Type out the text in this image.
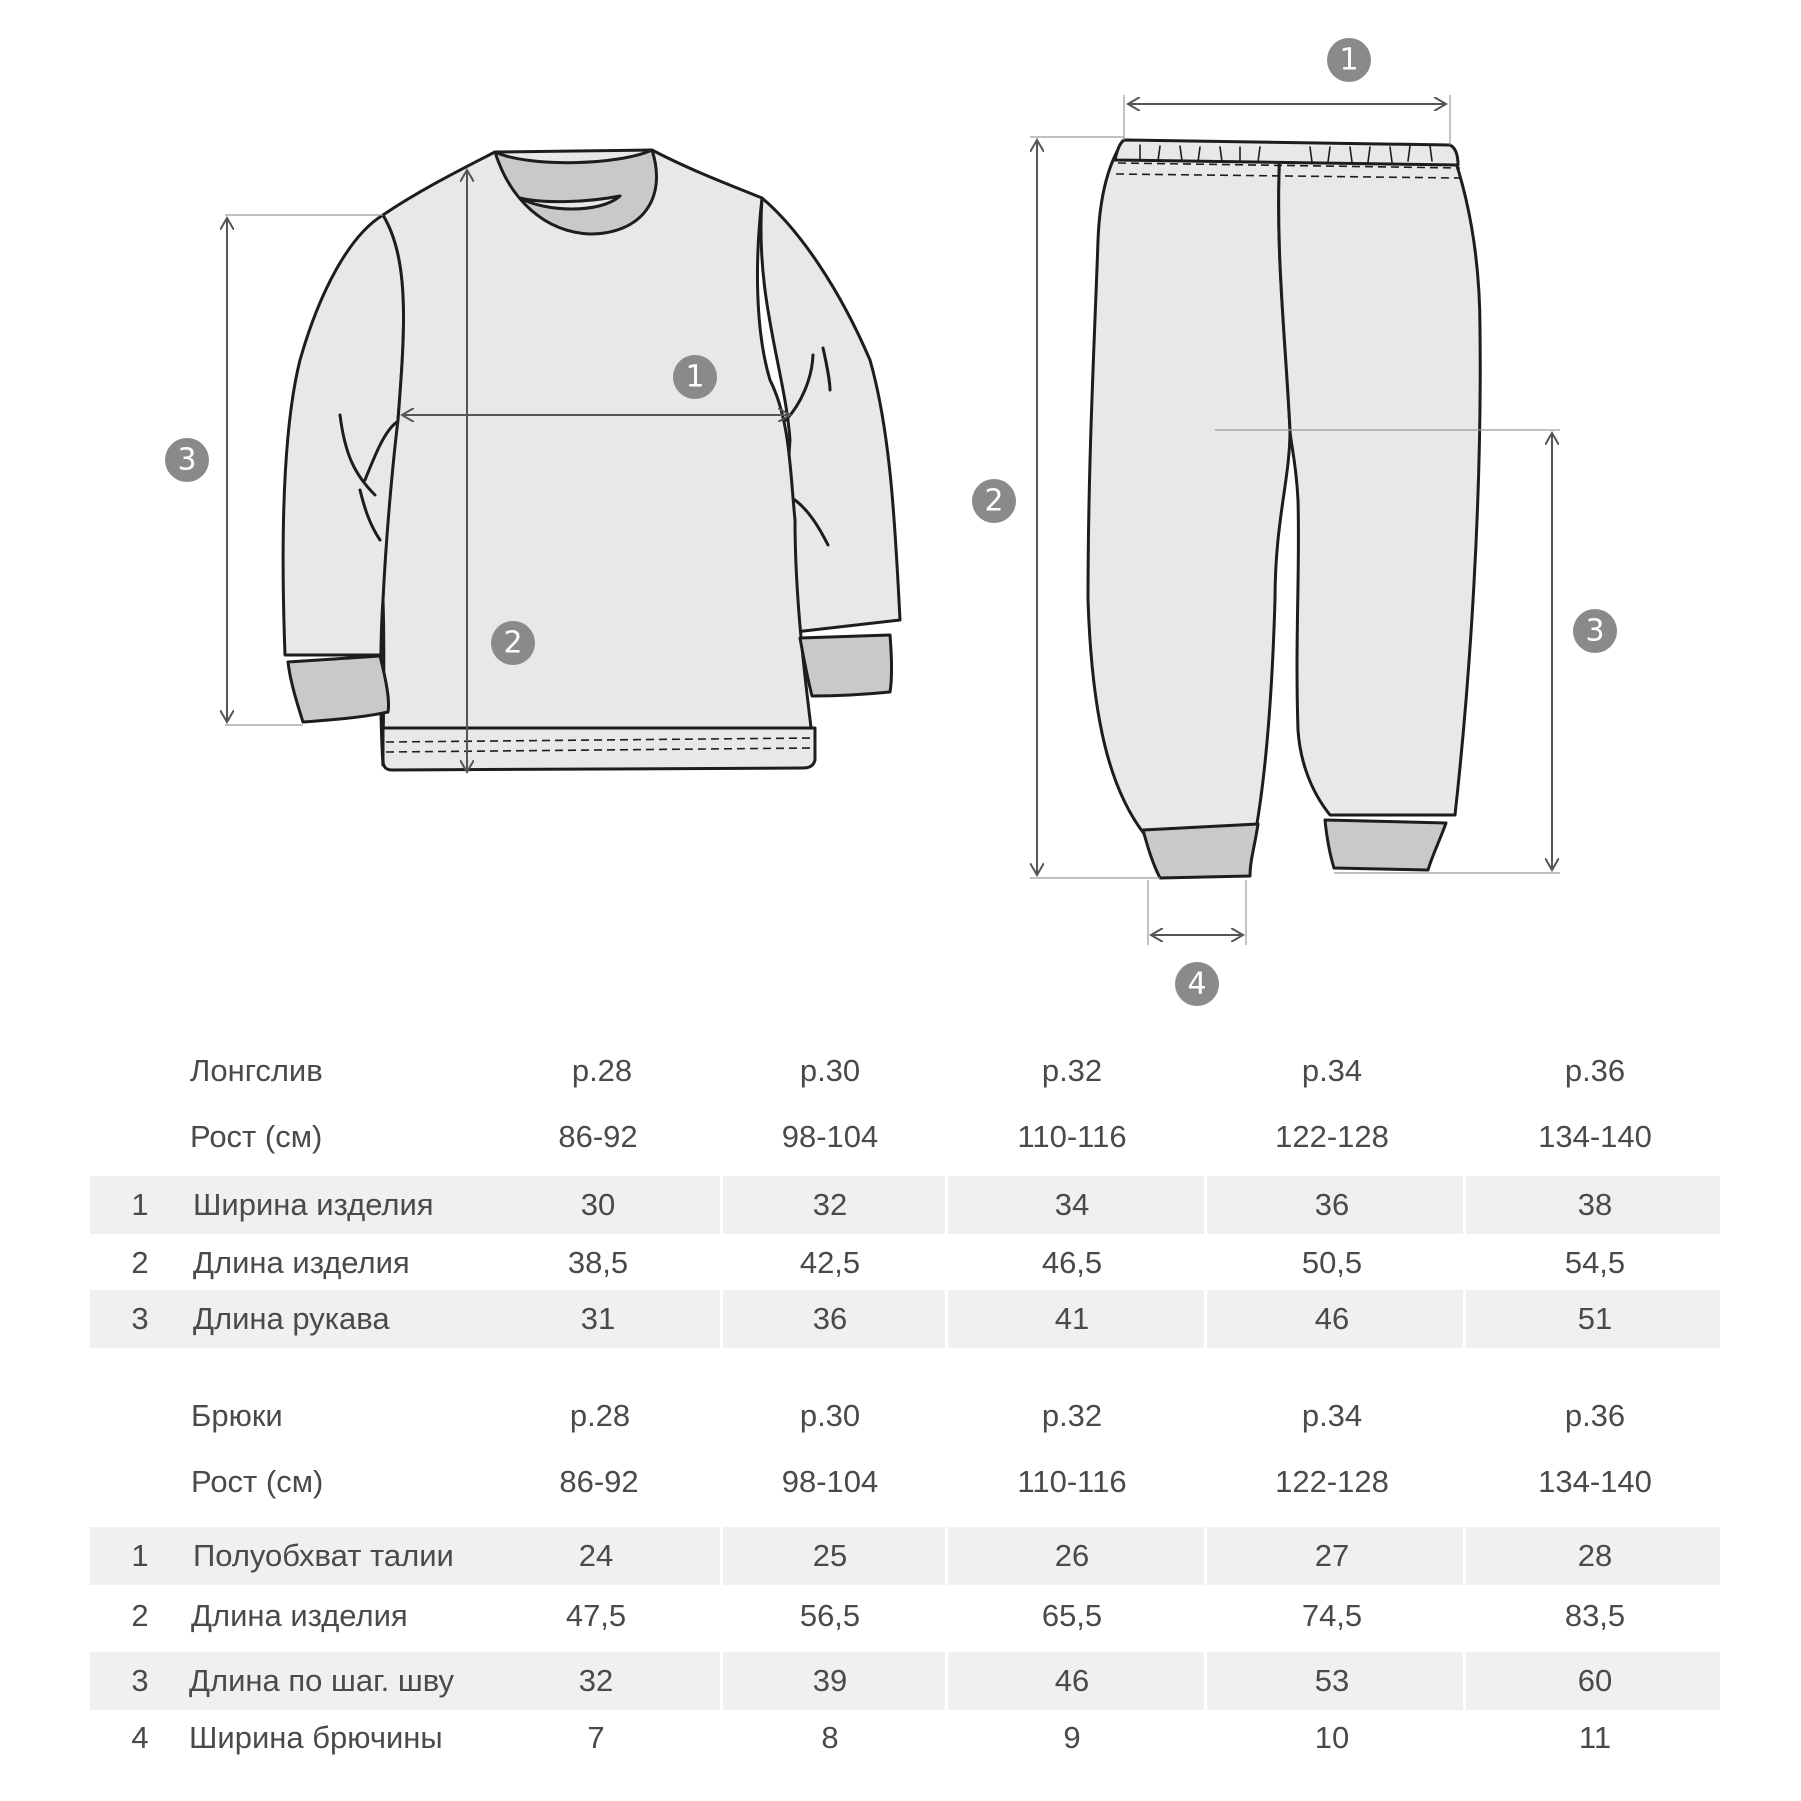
1
2
3
1
2
3
4
Лонгслив	р.28	р.30	р.32	р.34	р.36
Рост (см)	86-92	98-104	110-116	122-128	134-140
1 Ширина изделия	30	32	34	36	38
2 Длина изделия	38,5	42,5	46,5	50,5	54,5
3 Длина рукава	31	36	41	46	51
Брюки	р.28	р.30	р.32	р.34	р.36
Рост (см)	86-92	98-104	110-116	122-128	134-140
1 Полуобхват талии	24	25	26	27	28
2 Длина изделия	47,5	56,5	65,5	74,5	83,5
3 Длина по шаг. шву	32	39	46	53	60
4 Ширина брючины	7	8	9	10	11
